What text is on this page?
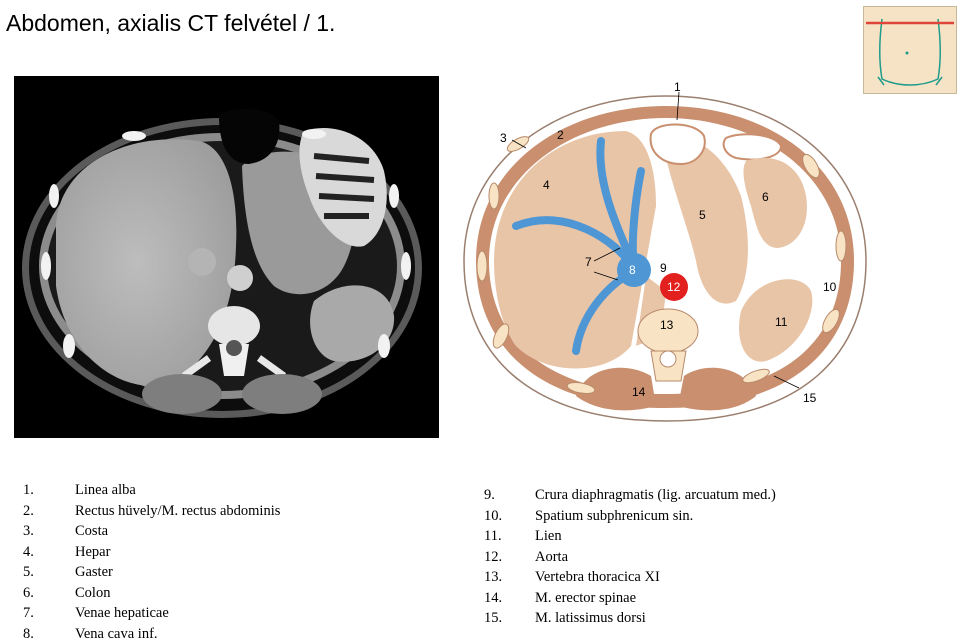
Abdomen, axialis CT felvétel / 1.
1
2
3
4
5
6
7
8 9
10
11
12
13
14	15
1.	Linea alba
2.	Rectus hüvely/M. rectus abdominis
3.	Costa
4.	Hepar
5.	Gaster
6.	Colon
7.	Venae hepaticae
8.	Vena cava inf.
9.	Crura diaphragmatis (lig. arcuatum med.)
10.	Spatium subphrenicum sin.
11.	Lien
12.	Aorta
13.	Vertebra thoracica XI
14.	M. erector spinae
15.	M. latissimus dorsi
